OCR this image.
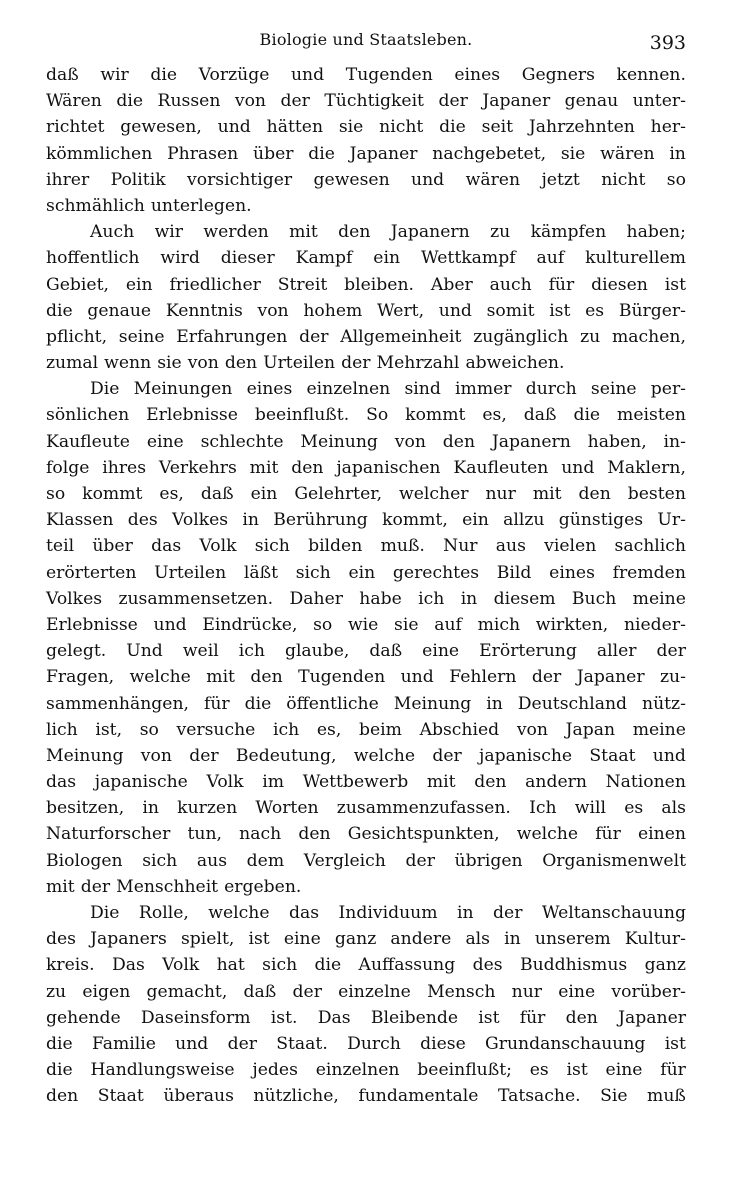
Biologie und Staatsleben.	393
daß wir die Vorzüge und Tugenden eines Gegners kennen.
Wären die Russen von der Tüchtigkeit der Japaner genau unter-
richtet gewesen, und hätten sie nicht die seit Jahrzehnten her-
kömmlichen Phrasen über die Japaner nachgebetet, sie wären in
ihrer Politik vorsichtiger gewesen und wären jetzt nicht so
schmählich unterlegen.
Auch wir werden mit den Japanern zu kämpfen haben;
hoffentlich wird dieser Kampf ein Wettkampf auf kulturellem
Gebiet, ein friedlicher Streit bleiben. Aber auch für diesen ist
die genaue Kenntnis von hohem Wert, und somit ist es Bürger-
pflicht, seine Erfahrungen der Allgemeinheit zugänglich zu machen,
zumal wenn sie von den Urteilen der Mehrzahl abweichen.
Die Meinungen eines einzelnen sind immer durch seine per-
sönlichen Erlebnisse beeinflußt. So kommt es, daß die meisten
Kaufleute eine schlechte Meinung von den Japanern haben, in-
folge ihres Verkehrs mit den japanischen Kaufleuten und Maklern,
so kommt es, daß ein Gelehrter, welcher nur mit den besten
Klassen des Volkes in Berührung kommt, ein allzu günstiges Ur-
teil über das Volk sich bilden muß. Nur aus vielen sachlich
erörterten Urteilen läßt sich ein gerechtes Bild eines fremden
Volkes zusammensetzen. Daher habe ich in diesem Buch meine
Erlebnisse und Eindrücke, so wie sie auf mich wirkten, nieder-
gelegt. Und weil ich glaube, daß eine Erörterung aller der
Fragen, welche mit den Tugenden und Fehlern der Japaner zu-
sammenhängen, für die öffentliche Meinung in Deutschland nütz-
lich ist, so versuche ich es, beim Abschied von Japan meine
Meinung von der Bedeutung, welche der japanische Staat und
das japanische Volk im Wettbewerb mit den andern Nationen
besitzen, in kurzen Worten zusammenzufassen. Ich will es als
Naturforscher tun, nach den Gesichtspunkten, welche für einen
Biologen sich aus dem Vergleich der übrigen Organismenwelt
mit der Menschheit ergeben.
Die Rolle, welche das Individuum in der Weltanschauung
des Japaners spielt, ist eine ganz andere als in unserem Kultur-
kreis. Das Volk hat sich die Auffassung des Buddhismus ganz
zu eigen gemacht, daß der einzelne Mensch nur eine vorüber-
gehende Daseinsform ist. Das Bleibende ist für den Japaner
die Familie und der Staat. Durch diese Grundanschauung ist
die Handlungsweise jedes einzelnen beeinflußt; es ist eine für
den Staat überaus nützliche, fundamentale Tatsache. Sie muß
